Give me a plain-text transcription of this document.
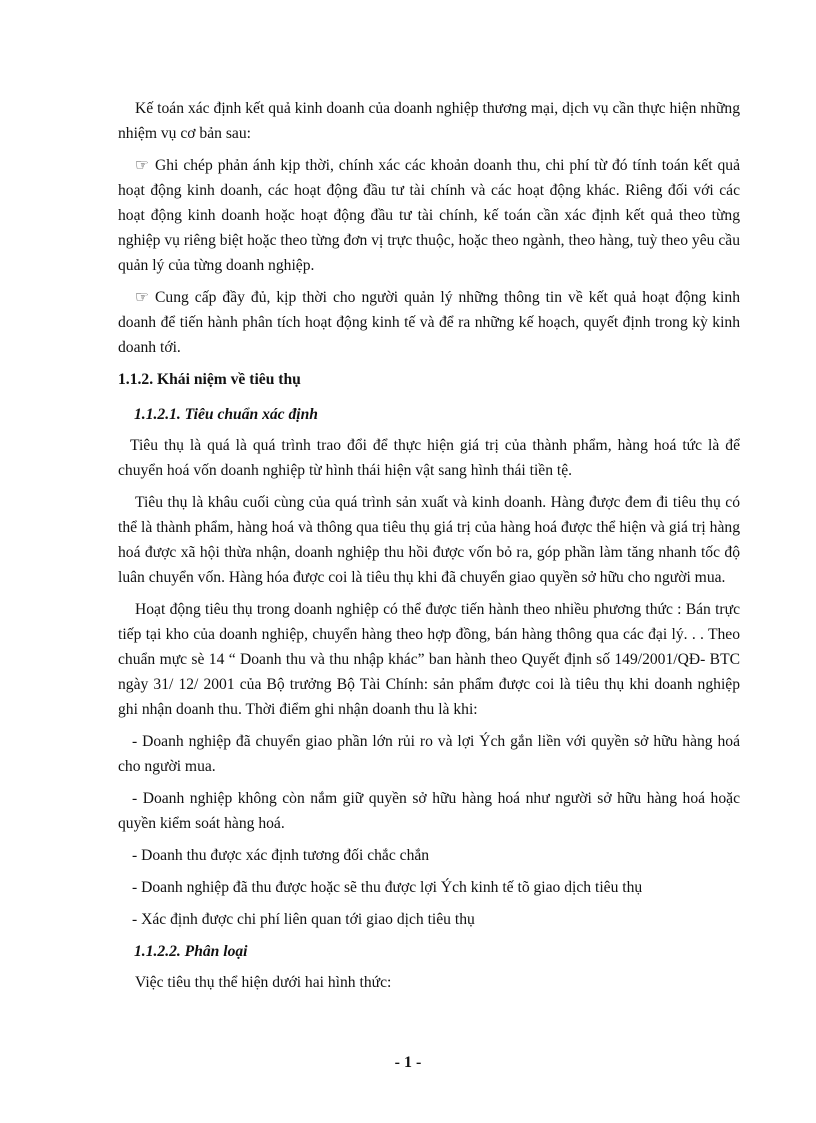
Kế toán xác định kết quả kinh doanh của doanh nghiệp thương mại, dịch vụ cần thực hiện những nhiệm vụ cơ bản sau:

☞ Ghi chép phản ánh kịp thời, chính xác các khoản doanh thu, chi phí từ đó tính toán kết quả hoạt động kinh doanh, các hoạt động đầu tư tài chính và các hoạt động khác. Riêng đối với các hoạt động kinh doanh hoặc hoạt động đầu tư tài chính, kế toán cần xác định kết quả theo từng nghiệp vụ riêng biệt hoặc theo từng đơn vị trực thuộc, hoặc theo ngành, theo hàng, tuỳ theo yêu cầu quản lý của từng doanh nghiệp.

☞ Cung cấp đầy đủ, kịp thời cho người quản lý những thông tin về kết quả hoạt động kinh doanh để tiến hành phân tích hoạt động kinh tế và để ra những kế hoạch, quyết định trong kỳ kinh doanh tới.

1.1.2. Khái niệm về tiêu thụ
1.1.2.1. Tiêu chuẩn xác định

Tiêu thụ là quá là quá trình trao đổi để thực hiện giá trị của thành phẩm, hàng hoá tức là để chuyển hoá vốn doanh nghiệp từ hình thái hiện vật sang hình thái tiền tệ.

Tiêu thụ là khâu cuối cùng của quá trình sản xuất và kinh doanh. Hàng được đem đi tiêu thụ có thể là thành phẩm, hàng hoá và thông qua tiêu thụ giá trị của hàng hoá được thể hiện và giá trị hàng hoá được xã hội thừa nhận, doanh nghiệp thu hồi được vốn bỏ ra, góp phần làm tăng nhanh tốc độ luân chuyển vốn. Hàng hóa được coi là tiêu thụ khi đã chuyển giao quyền sở hữu cho người mua.

Hoạt động tiêu thụ trong doanh nghiệp có thể được tiến hành theo nhiều phương thức : Bán trực tiếp tại kho của doanh nghiệp, chuyển hàng theo hợp đồng, bán hàng thông qua các đại lý. . . Theo chuẩn mực sè 14 “ Doanh thu và thu nhập khác” ban hành theo Quyết định số 149/2001/QĐ- BTC ngày 31/ 12/ 2001 của Bộ trưởng Bộ Tài Chính: sản phẩm được coi là tiêu thụ khi doanh nghiệp ghi nhận doanh thu. Thời điểm ghi nhận doanh thu là khi:

- Doanh nghiệp đã chuyển giao phần lớn rủi ro và lợi Ých gắn liền với quyền sở hữu hàng hoá cho người mua.

- Doanh nghiệp không còn nắm giữ quyền sở hữu hàng hoá như người sở hữu hàng hoá hoặc quyền kiểm soát hàng hoá.

- Doanh thu được xác định tương đối chắc chắn

- Doanh nghiệp đã thu được hoặc sẽ thu được lợi Ých kinh tế tõ giao dịch tiêu thụ

- Xác định được chi phí liên quan tới giao dịch tiêu thụ

1.1.2.2. Phân loại

Việc tiêu thụ thể hiện dưới hai hình thức:

- 1 -
